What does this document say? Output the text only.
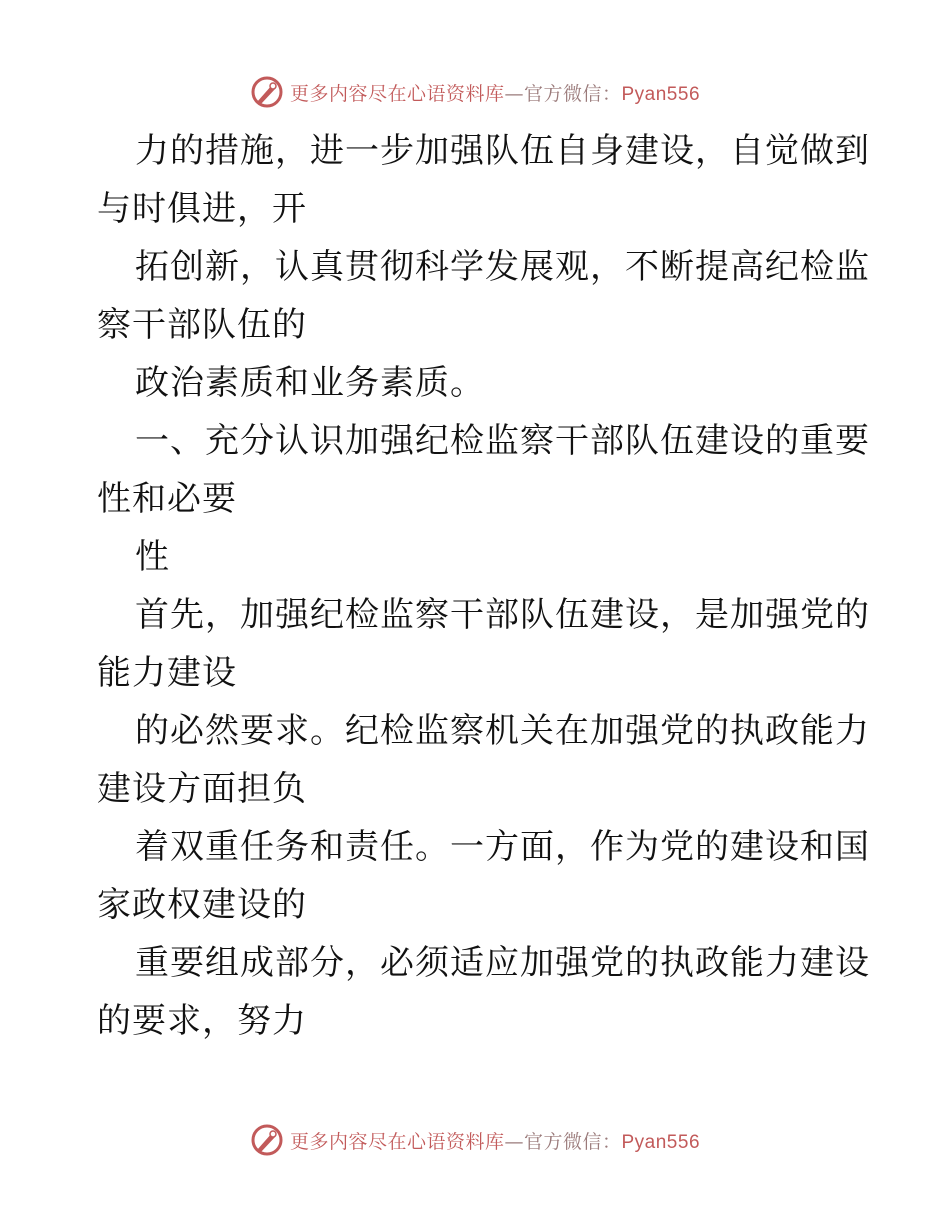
更多内容尽在心语资料库—官方微信：Pyan556
力的措施，进一步加强队伍自身建设，自觉做到
与时俱进，开
拓创新，认真贯彻科学发展观，不断提高纪检监
察干部队伍的
政治素质和业务素质。
一、充分认识加强纪检监察干部队伍建设的重要
性和必要
性
首先，加强纪检监察干部队伍建设，是加强党的
能力建设
的必然要求。纪检监察机关在加强党的执政能力
建设方面担负
着双重任务和责任。一方面，作为党的建设和国
家政权建设的
重要组成部分，必须适应加强党的执政能力建设
的要求，努力
更多内容尽在心语资料库—官方微信：Pyan556
